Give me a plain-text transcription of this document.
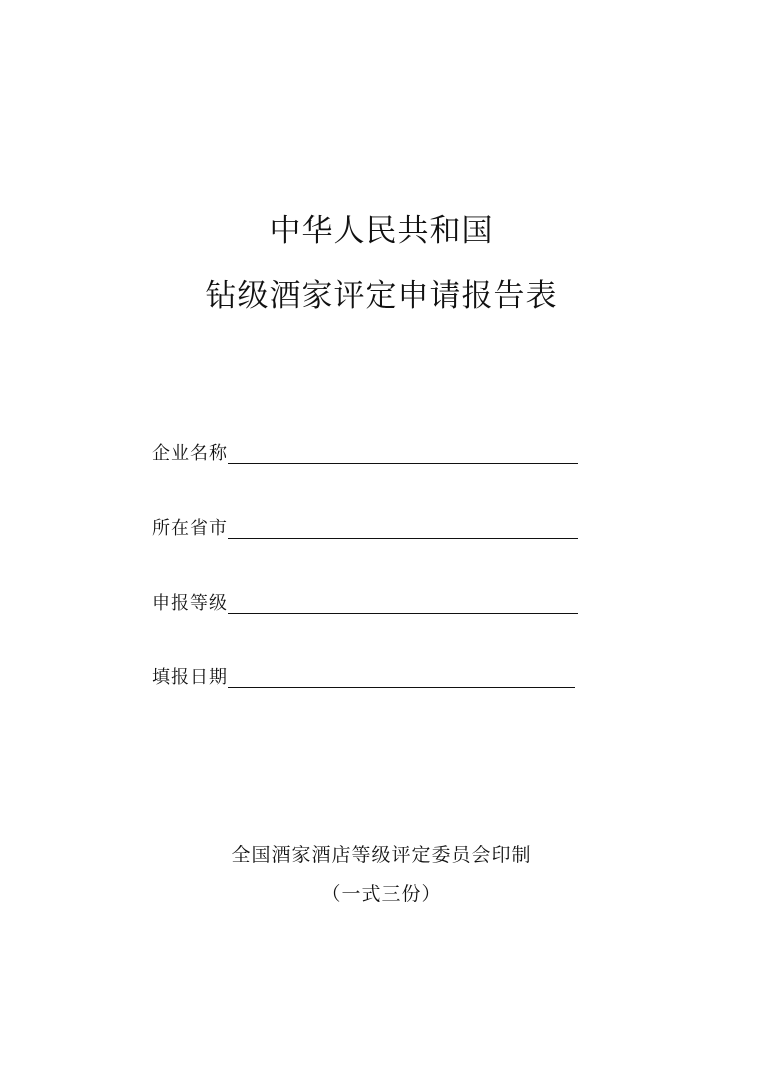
中华人民共和国
钻级酒家评定申请报告表
企业名称
所在省市
申报等级
填报日期
全国酒家酒店等级评定委员会印制
（一式三份）
